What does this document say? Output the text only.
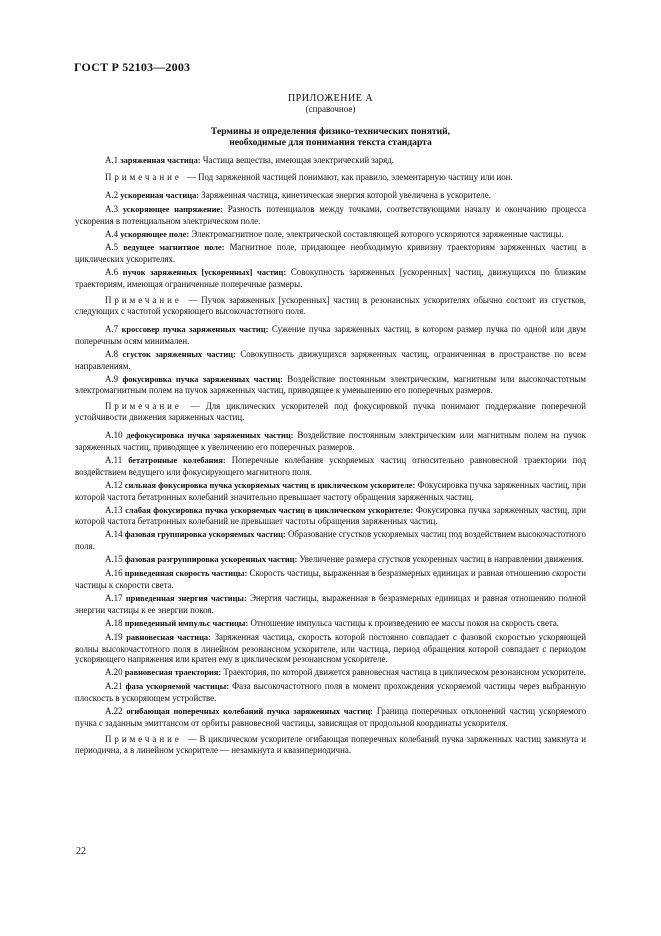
ГОСТ Р 52103—2003
ПРИЛОЖЕНИЕ А
(справочное)
Термины и определения физико-технических понятий,
необходимые для понимания текста стандарта

А.1 заряженная частица: Частица вещества, имеющая электрический заряд.

Примечание — Под заряженной частицей понимают, как правило, элементарную частицу или ион.

А.2 ускоренная частица: Заряженная частица, кинетическая энергия которой увеличена в ускорителе.

А.3 ускоряющее напряжение: Разность потенциалов между точками, соответствующими началу и окончанию процесса ускорения в потенциальном электрическом поле.

А.4 ускоряющее поле: Электромагнитное поле, электрической составляющей которого ускоряются заряженные частицы.

А.5 ведущее магнитное поле: Магнитное поле, придающее необходимую кривизну траекториям заряженных частиц в циклических ускорителях.

А.6 пучок заряженных [ускоренных] частиц: Совокупность заряженных [ускоренных] частиц, движущихся по близким траекториям, имеющая ограниченные поперечные размеры.

Примечание — Пучок заряженных [ускоренных] частиц в резонансных ускорителях обычно состоит из сгустков, следующих с частотой ускоряющего высокочастотного поля.

А.7 кроссовер пучка заряженных частиц: Сужение пучка заряженных частиц, в котором размер пучка по одной или двум поперечным осям минимален.

А.8 сгусток заряженных частиц: Совокупность движущихся заряженных частиц, ограниченная в пространстве по всем направлениям.

А.9 фокусировка пучка заряженных частиц: Воздействие постоянным электрическим, магнитным или высокочастотным электромагнитным полем на пучок заряженных частиц, приводящее к уменьшению его поперечных размеров.

Примечание — Для циклических ускорителей под фокусировкой пучка понимают поддержание поперечной устойчивости движения заряженных частиц.

А.10 дефокусировка пучка заряженных частиц: Воздействие постоянным электрическим или магнитным полем на пучок заряженных частиц, приводящее к увеличению его поперечных размеров.

А.11 бетатронные колебания: Поперечные колебания ускоряемых частиц относительно равновесной траектории под воздействием ведущего или фокусирующего магнитного поля.

А.12 сильная фокусировка пучка ускоряемых частиц в циклическом ускорителе: Фокусировка пучка заряженных частиц, при которой частота бетатронных колебаний значительно превышает частоту обращения заряженных частиц.

А.13 слабая фокусировка пучка ускоряемых частиц в циклическом ускорителе: Фокусировка пучка заряженных частиц, при которой частота бетатронных колебаний не превышает частоты обращения заряженных частиц.

А.14 фазовая группировка ускоряемых частиц: Образование сгустков ускоряемых частиц под воздействием высокочастотного поля.

А.15 фазовая разгруппировка ускоренных частиц: Увеличение размера сгустков ускоренных частиц в направлении движения.

А.16 приведенная скорость частицы: Скорость частицы, выраженная в безразмерных единицах и равная отношению скорости частицы к скорости света.

А.17 приведенная энергия частицы: Энергия частицы, выраженная в безразмерных единицах и равная отношению полной энергии частицы к ее энергии покоя.

А.18 приведенный импульс частицы: Отношение импульса частицы к произведению ее массы покоя на скорость света.

А.19 равновесная частица: Заряженная частица, скорость которой постоянно совпадает с фазовой скоростью ускоряющей волны высокочастотного поля в линейном резонансном ускорителе, или частица, период обращения которой совпадает с периодом ускоряющего напряжения или кратен ему в циклическом резонансном ускорителе.

А.20 равновесная траектория: Траектория, по которой движется равновесная частица в циклическом резонансном ускорителе.

А.21 фаза ускоряемой частицы: Фаза высокочастотного поля в момент прохождения ускоряемой частицы через выбранную плоскость в ускоряющем устройстве.

А.22 огибающая поперечных колебаний пучка заряженных частиц: Граница поперечных отклонений частиц ускоряемого пучка с заданным эмиттансом от орбиты равновесной частицы, зависящая от продольной координаты ускорителя.

Примечание — В циклическом ускорителе огибающая поперечных колебаний пучка заряженных частиц замкнута и периодична, а в линейном ускорителе — незамкнута и квазипериодична.

22
